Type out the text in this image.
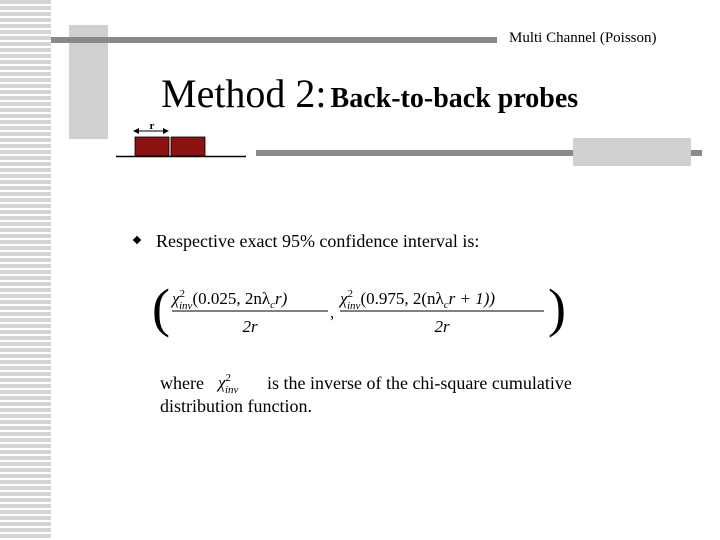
Multi Channel (Poisson)
Method 2: Back-to-back probes
r
Respective exact 95% confidence interval is:
( $\chi^2$ inv(0.025, $2n\lambda_cr$)
2r
,
$\chi^2$ inv(0.975, $2(n\lambda_cr + 1)$)
2r )
where $\chi^2$ inv is the inverse of the chi-square cumulative
distribution function.
